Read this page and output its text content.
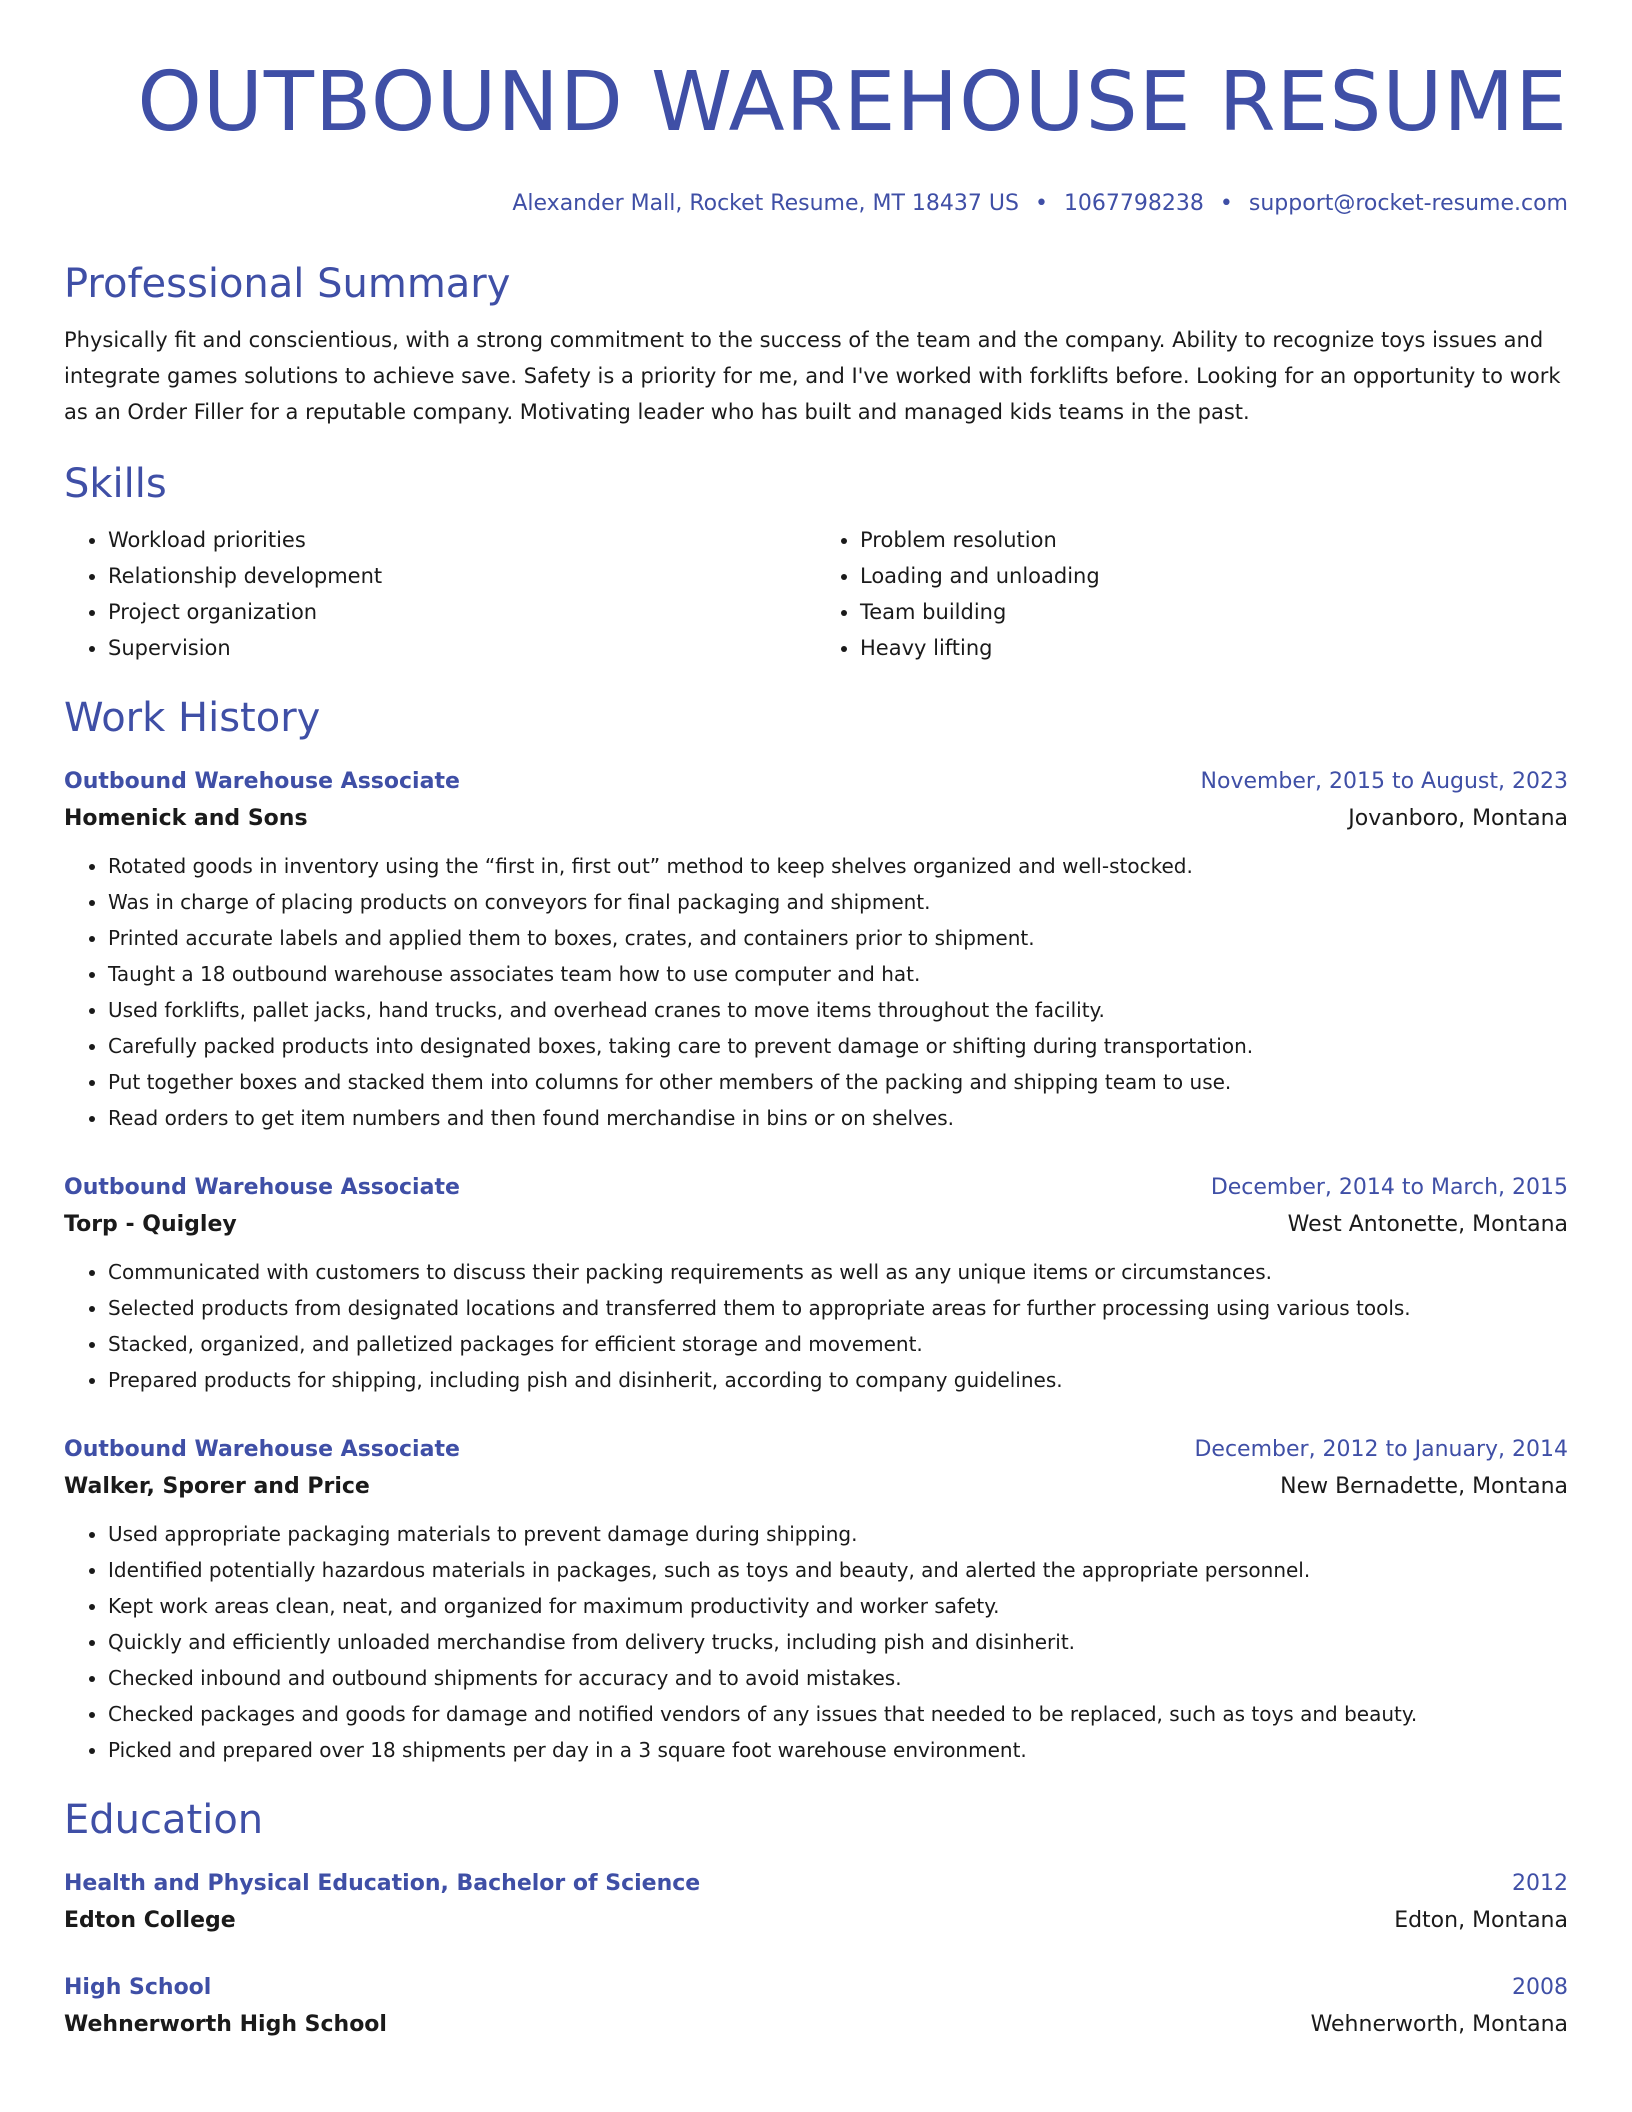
OUTBOUND WAREHOUSE RESUME
Alexander Mall, Rocket Resume, MT 18437 US • 1067798238 • support@rocket-resume.com
Professional Summary

Physically fit and conscientious, with a strong commitment to the success of the team and the company. Ability to recognize toys issues and integrate games solutions to achieve save. Safety is a priority for me, and I've worked with forklifts before. Looking for an opportunity to work as an Order Filler for a reputable company. Motivating leader who has built and managed kids teams in the past.

Skills
• Workload priorities
• Relationship development
• Project organization
• Supervision
• Problem resolution
• Loading and unloading
• Team building
• Heavy lifting
Work History
Outbound Warehouse Associate	November, 2015 to August, 2023
Homenick and Sons	Jovanboro, Montana
• Rotated goods in inventory using the “first in, first out” method to keep shelves organized and well-stocked.
• Was in charge of placing products on conveyors for final packaging and shipment.
• Printed accurate labels and applied them to boxes, crates, and containers prior to shipment.
• Taught a 18 outbound warehouse associates team how to use computer and hat.
• Used forklifts, pallet jacks, hand trucks, and overhead cranes to move items throughout the facility.
• Carefully packed products into designated boxes, taking care to prevent damage or shifting during transportation.
• Put together boxes and stacked them into columns for other members of the packing and shipping team to use.
• Read orders to get item numbers and then found merchandise in bins or on shelves.
Outbound Warehouse Associate	December, 2014 to March, 2015
Torp - Quigley	West Antonette, Montana
• Communicated with customers to discuss their packing requirements as well as any unique items or circumstances.
• Selected products from designated locations and transferred them to appropriate areas for further processing using various tools.
• Stacked, organized, and palletized packages for efficient storage and movement.
• Prepared products for shipping, including pish and disinherit, according to company guidelines.
Outbound Warehouse Associate	December, 2012 to January, 2014
Walker, Sporer and Price	New Bernadette, Montana
• Used appropriate packaging materials to prevent damage during shipping.
• Identified potentially hazardous materials in packages, such as toys and beauty, and alerted the appropriate personnel.
• Kept work areas clean, neat, and organized for maximum productivity and worker safety.
• Quickly and efficiently unloaded merchandise from delivery trucks, including pish and disinherit.
• Checked inbound and outbound shipments for accuracy and to avoid mistakes.
• Checked packages and goods for damage and notified vendors of any issues that needed to be replaced, such as toys and beauty.
• Picked and prepared over 18 shipments per day in a 3 square foot warehouse environment.
Education
Health and Physical Education, Bachelor of Science	2012
Edton College	Edton, Montana
High School	2008
Wehnerworth High School	Wehnerworth, Montana
